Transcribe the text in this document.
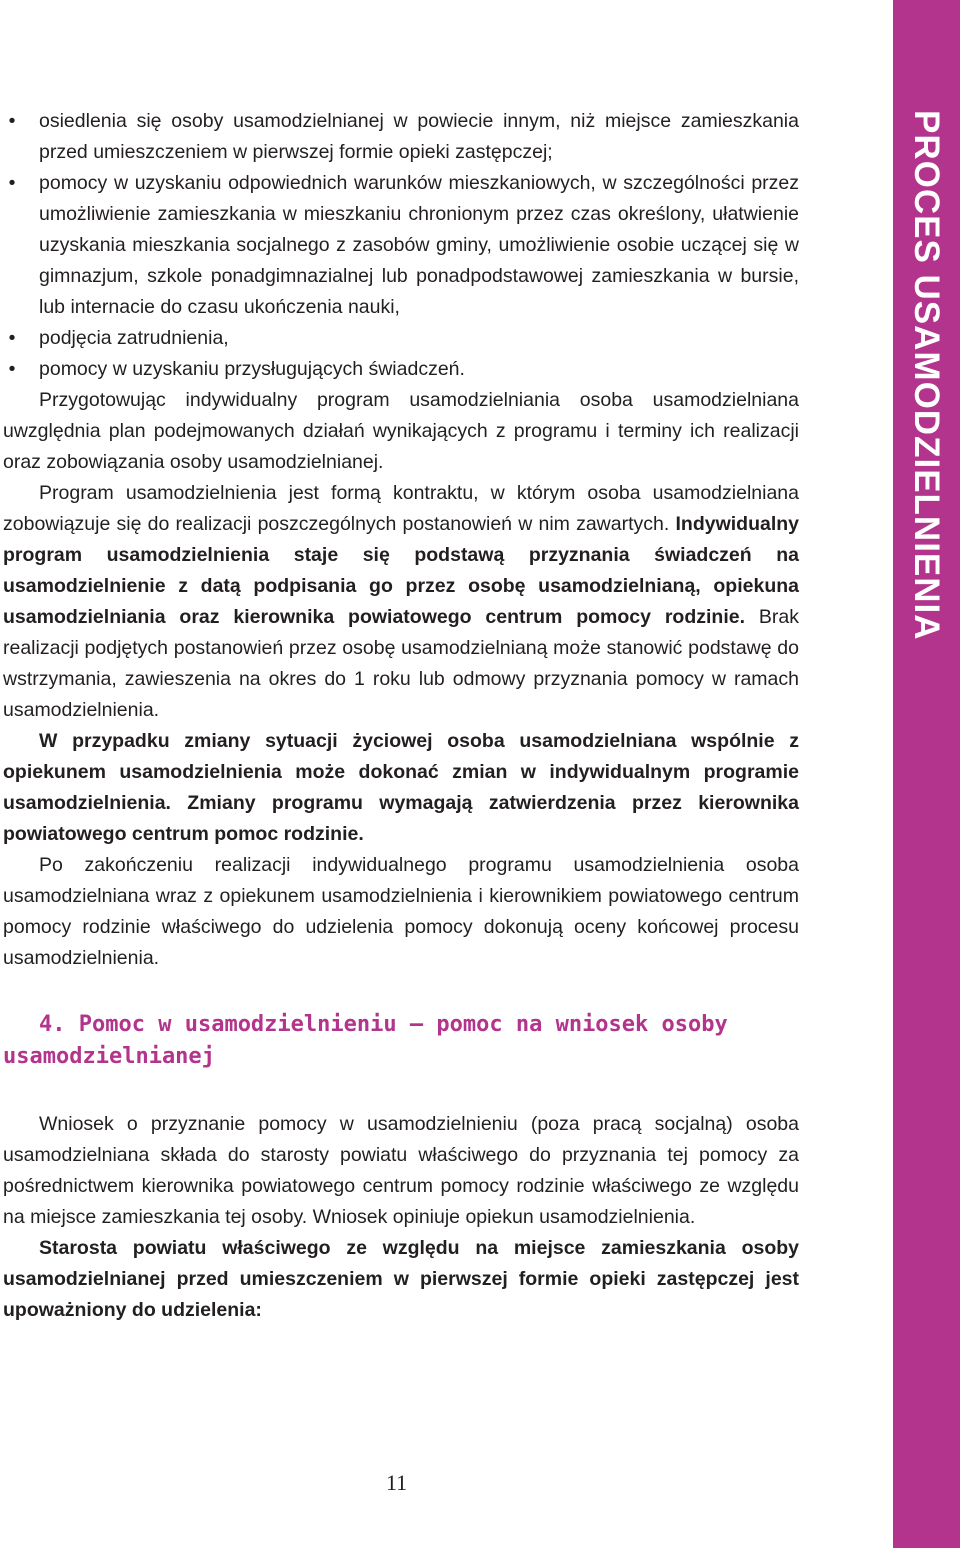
PROCES USAMODZIELNIENIA
• osiedlenia się osoby usamodzielnianej w powiecie innym, niż miejsce zamieszkania przed umieszczeniem w pierwszej formie opieki zastępczej;
• pomocy w uzyskaniu odpowiednich warunków mieszkaniowych, w szczególności przez umożliwienie zamieszkania w mieszkaniu chronionym przez czas określony, ułatwienie uzyskania mieszkania socjalnego z zasobów gminy, umożliwienie osobie uczącej się w gimnazjum, szkole ponadgimnazialnej lub ponadpodstawowej zamieszkania w bursie, lub internacie do czasu ukończenia nauki,
• podjęcia zatrudnienia,
• pomocy w uzyskaniu przysługujących świadczeń.

Przygotowując indywidualny program usamodzielniania osoba usamodzielniana uwzględnia plan podejmowanych działań wynikających z programu i terminy ich realizacji oraz zobowiązania osoby usamodzielnianej.

Program usamodzielnienia jest formą kontraktu, w którym osoba usamodzielniana zobowiązuje się do realizacji poszczególnych postanowień w nim zawartych. Indywidualny program usamodzielnienia staje się podstawą przyznania świadczeń na usamodzielnienie z datą podpisania go przez osobę usamodzielnianą, opiekuna usamodzielniania oraz kierownika powiatowego centrum pomocy rodzinie. Brak realizacji podjętych postanowień przez osobę usamodzielnianą może stanowić podstawę do wstrzymania, zawieszenia na okres do 1 roku lub odmowy przyznania pomocy w ramach usamodzielnienia.

W przypadku zmiany sytuacji życiowej osoba usamodzielniana wspólnie z opiekunem usamodzielnienia może dokonać zmian w indywidualnym programie usamodzielnienia. Zmiany programu wymagają zatwierdzenia przez kierownika powiatowego centrum pomoc rodzinie.

Po zakończeniu realizacji indywidualnego programu usamodzielnienia osoba usamodzielniana wraz z opiekunem usamodzielnienia i kierownikiem powiatowego centrum pomocy rodzinie właściwego do udzielenia pomocy dokonują oceny końcowej procesu usamodzielnienia.

4. Pomoc w usamodzielnieniu – pomoc na wniosek osoby usamodzielnianej

Wniosek o przyznanie pomocy w usamodzielnieniu (poza pracą socjalną) osoba usamodzielniana składa do starosty powiatu właściwego do przyznania tej pomocy za pośrednictwem kierownika powiatowego centrum pomocy rodzinie właściwego ze względu na miejsce zamieszkania tej osoby. Wniosek opiniuje opiekun usamodzielnienia.

Starosta powiatu właściwego ze względu na miejsce zamieszkania osoby usamodzielnianej przed umieszczeniem w pierwszej formie opieki zastępczej jest upoważniony do udzielenia:

11
